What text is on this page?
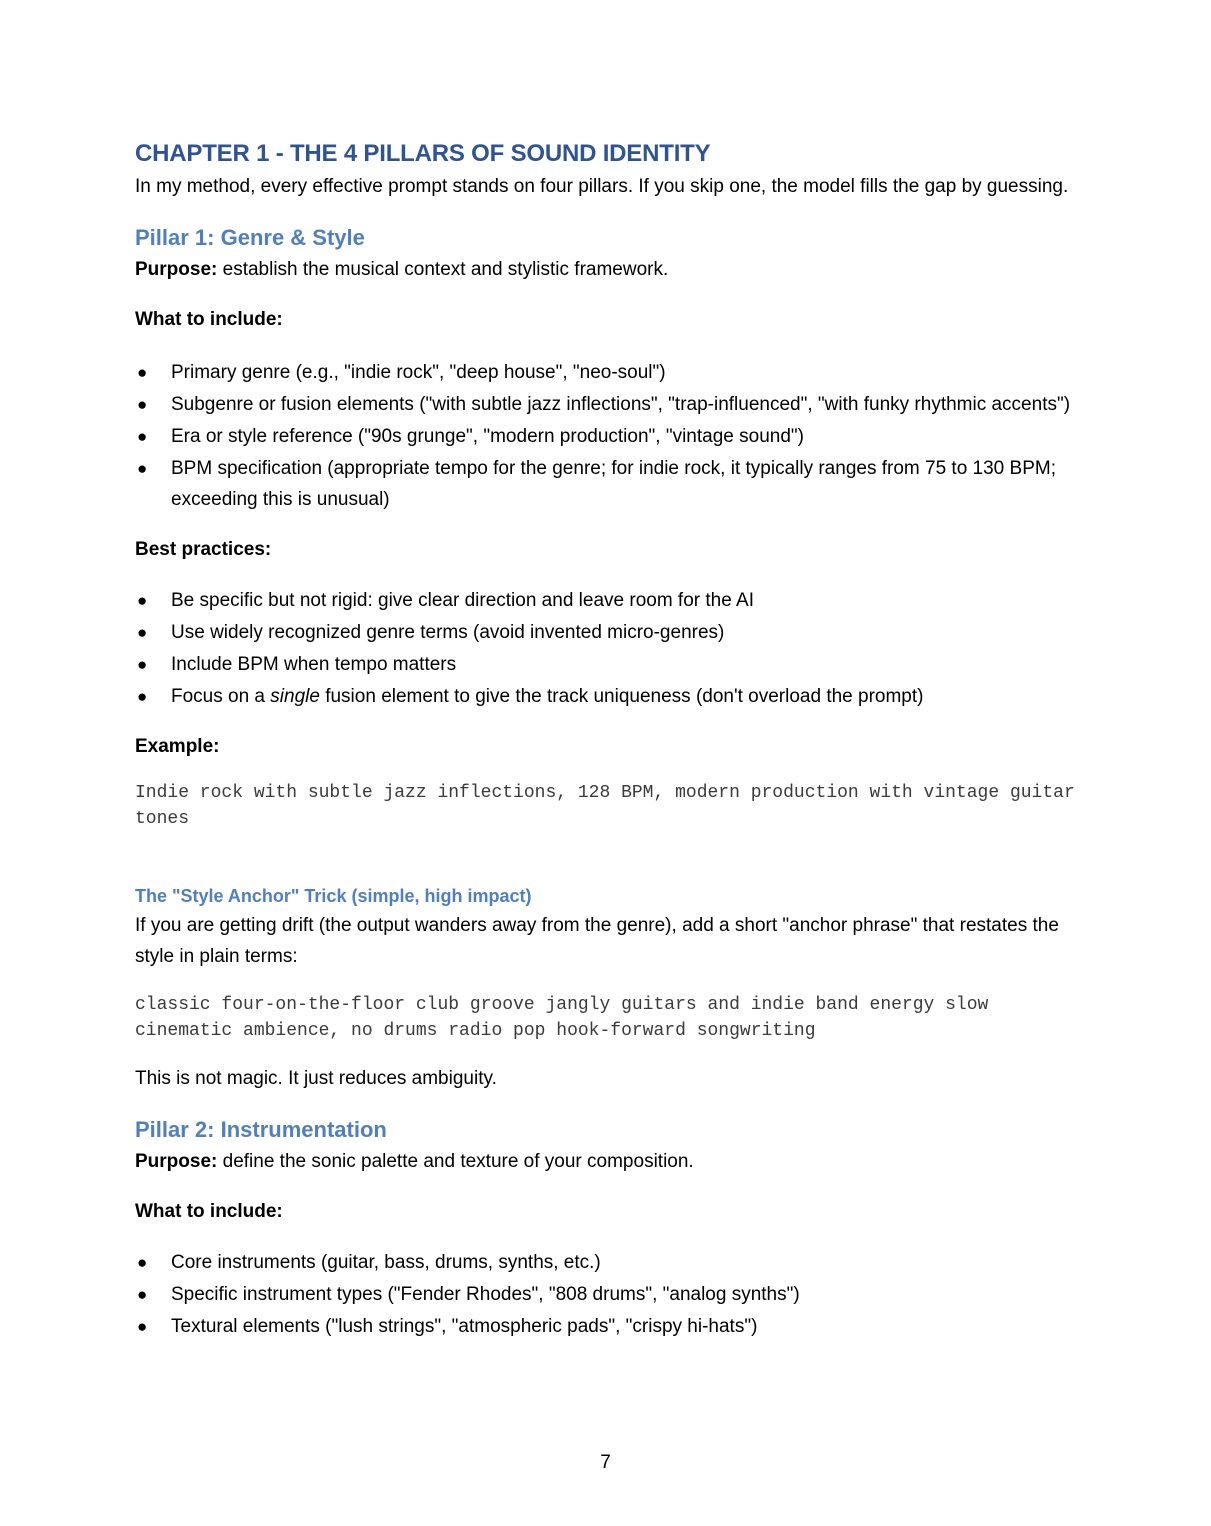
CHAPTER 1 - THE 4 PILLARS OF SOUND IDENTITY

In my method, every effective prompt stands on four pillars. If you skip one, the model fills the gap by guessing.

Pillar 1: Genre & Style

Purpose: establish the musical context and stylistic framework.

What to include:

● Primary genre (e.g., "indie rock", "deep house", "neo-soul")
● Subgenre or fusion elements ("with subtle jazz inflections", "trap-influenced", "with funky rhythmic accents")
● Era or style reference ("90s grunge", "modern production", "vintage sound")
● BPM specification (appropriate tempo for the genre; for indie rock, it typically ranges from 75 to 130 BPM; exceeding this is unusual)

Best practices:

● Be specific but not rigid: give clear direction and leave room for the AI
● Use widely recognized genre terms (avoid invented micro-genres)
● Include BPM when tempo matters
● Focus on a single fusion element to give the track uniqueness (don't overload the prompt)

Example:

Indie rock with subtle jazz inflections, 128 BPM, modern production with vintage guitar tones

The "Style Anchor" Trick (simple, high impact)

If you are getting drift (the output wanders away from the genre), add a short "anchor phrase" that restates the style in plain terms:

classic four-on-the-floor club groove jangly guitars and indie band energy slow cinematic ambience, no drums radio pop hook-forward songwriting

This is not magic. It just reduces ambiguity.

Pillar 2: Instrumentation

Purpose: define the sonic palette and texture of your composition.

What to include:

● Core instruments (guitar, bass, drums, synths, etc.)
● Specific instrument types ("Fender Rhodes", "808 drums", "analog synths")
● Textural elements ("lush strings", "atmospheric pads", "crispy hi-hats")
7
